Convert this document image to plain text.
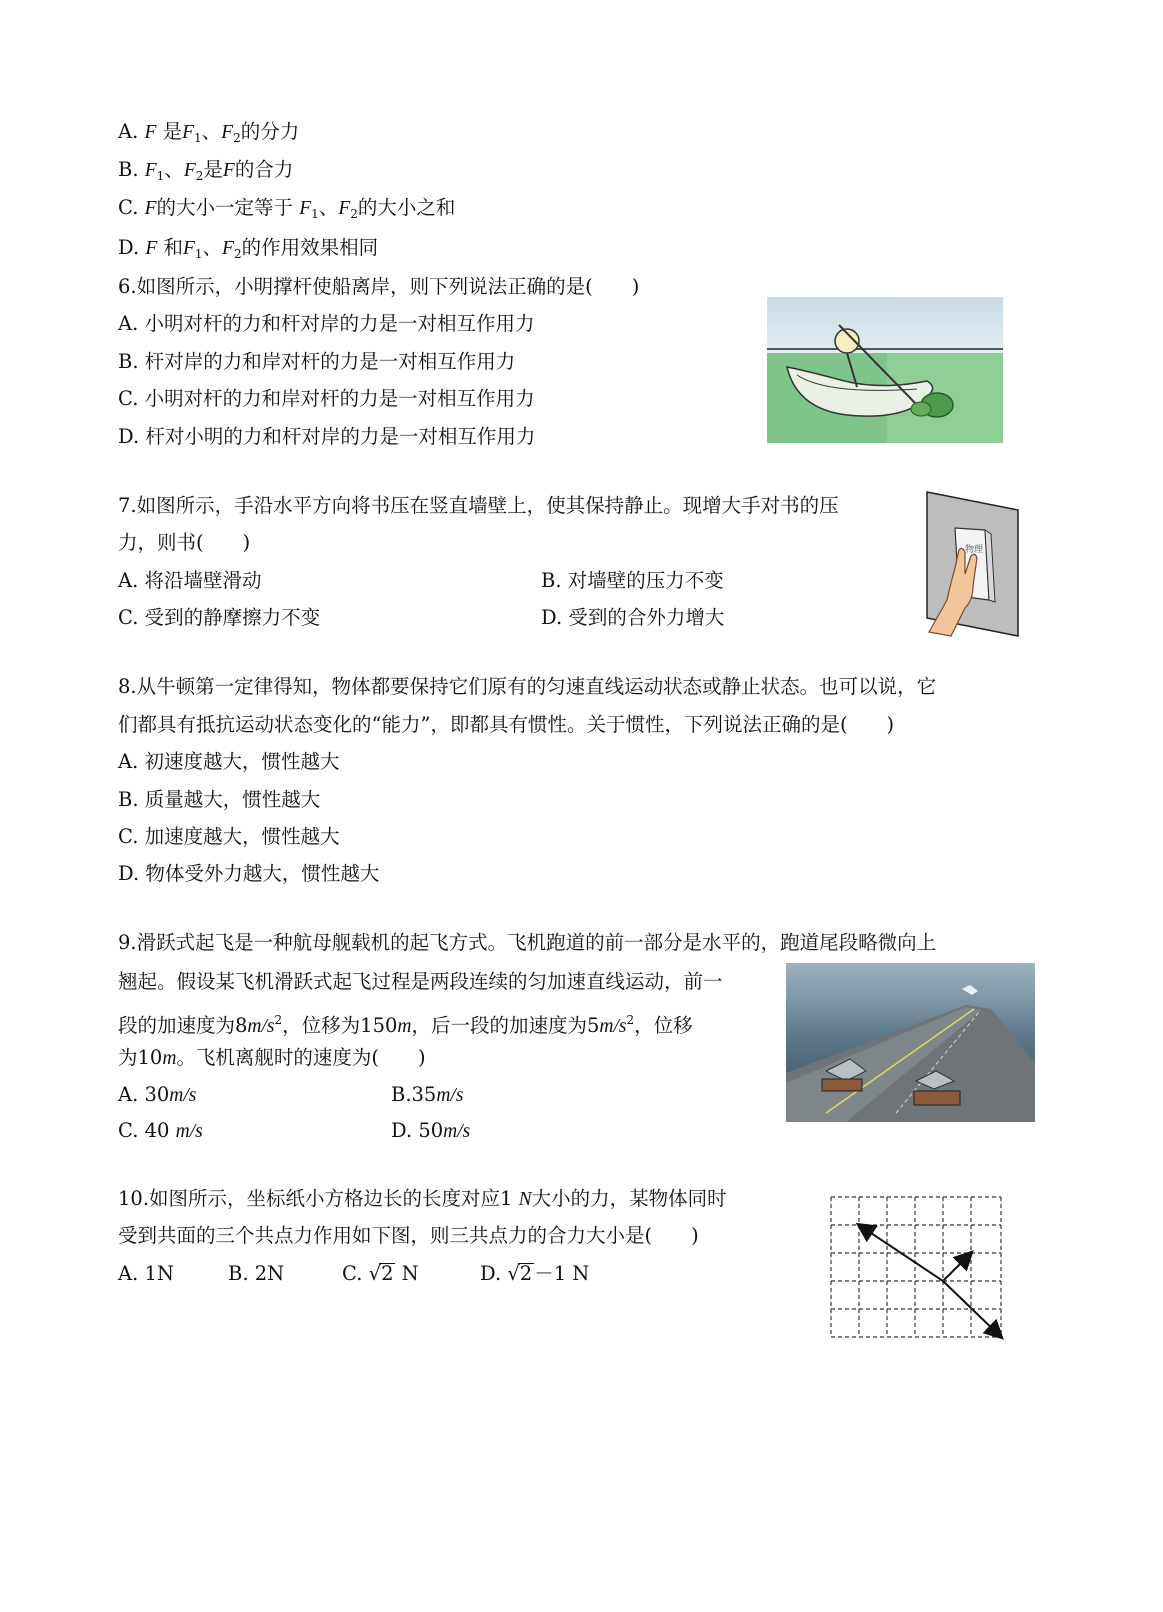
A. F 是$F_1$、$F_2$的分力
B. $F_1$、$F_2$是F的合力
C. F的大小一定等于 $F_1$、$F_2$的大小之和
D. F 和$F_1$、$F_2$的作用效果相同
6.如图所示，小明撑杆使船离岸，则下列说法正确的是(　　)
A. 小明对杆的力和杆对岸的力是一对相互作用力
B. 杆对岸的力和岸对杆的力是一对相互作用力
C. 小明对杆的力和岸对杆的力是一对相互作用力
D. 杆对小明的力和杆对岸的力是一对相互作用力
7.如图所示，手沿水平方向将书压在竖直墙壁上，使其保持静止。现增大手对书的压
力，则书(　　)
A. 将沿墙壁滑动	B. 对墙壁的压力不变
C. 受到的静摩擦力不变	D. 受到的合外力增大
物理
8.从牛顿第一定律得知，物体都要保持它们原有的匀速直线运动状态或静止状态。也可以说，它
们都具有抵抗运动状态变化的“能力”，即都具有惯性。关于惯性，下列说法正确的是(　　)
A. 初速度越大，惯性越大
B. 质量越大，惯性越大
C. 加速度越大，惯性越大
D. 物体受外力越大，惯性越大
9.滑跃式起飞是一种航母舰载机的起飞方式。飞机跑道的前一部分是水平的，跑道尾段略微向上
翘起。假设某飞机滑跃式起飞过程是两段连续的匀加速直线运动，前一
段的加速度为$8m/s^2$，位移为150m，后一段的加速度为$5m/s^2$，位移
为10m。飞机离舰时的速度为(　　)
A. 30m/s	B.35m/s
C. 40 m/s	D. 50m/s
10.如图所示，坐标纸小方格边长的长度对应1 N大小的力，某物体同时
受到共面的三个共点力作用如下图，则三共点力的合力大小是(　　)
A. 1N	B. 2N	C. √2 N	D. √2 －1 N
